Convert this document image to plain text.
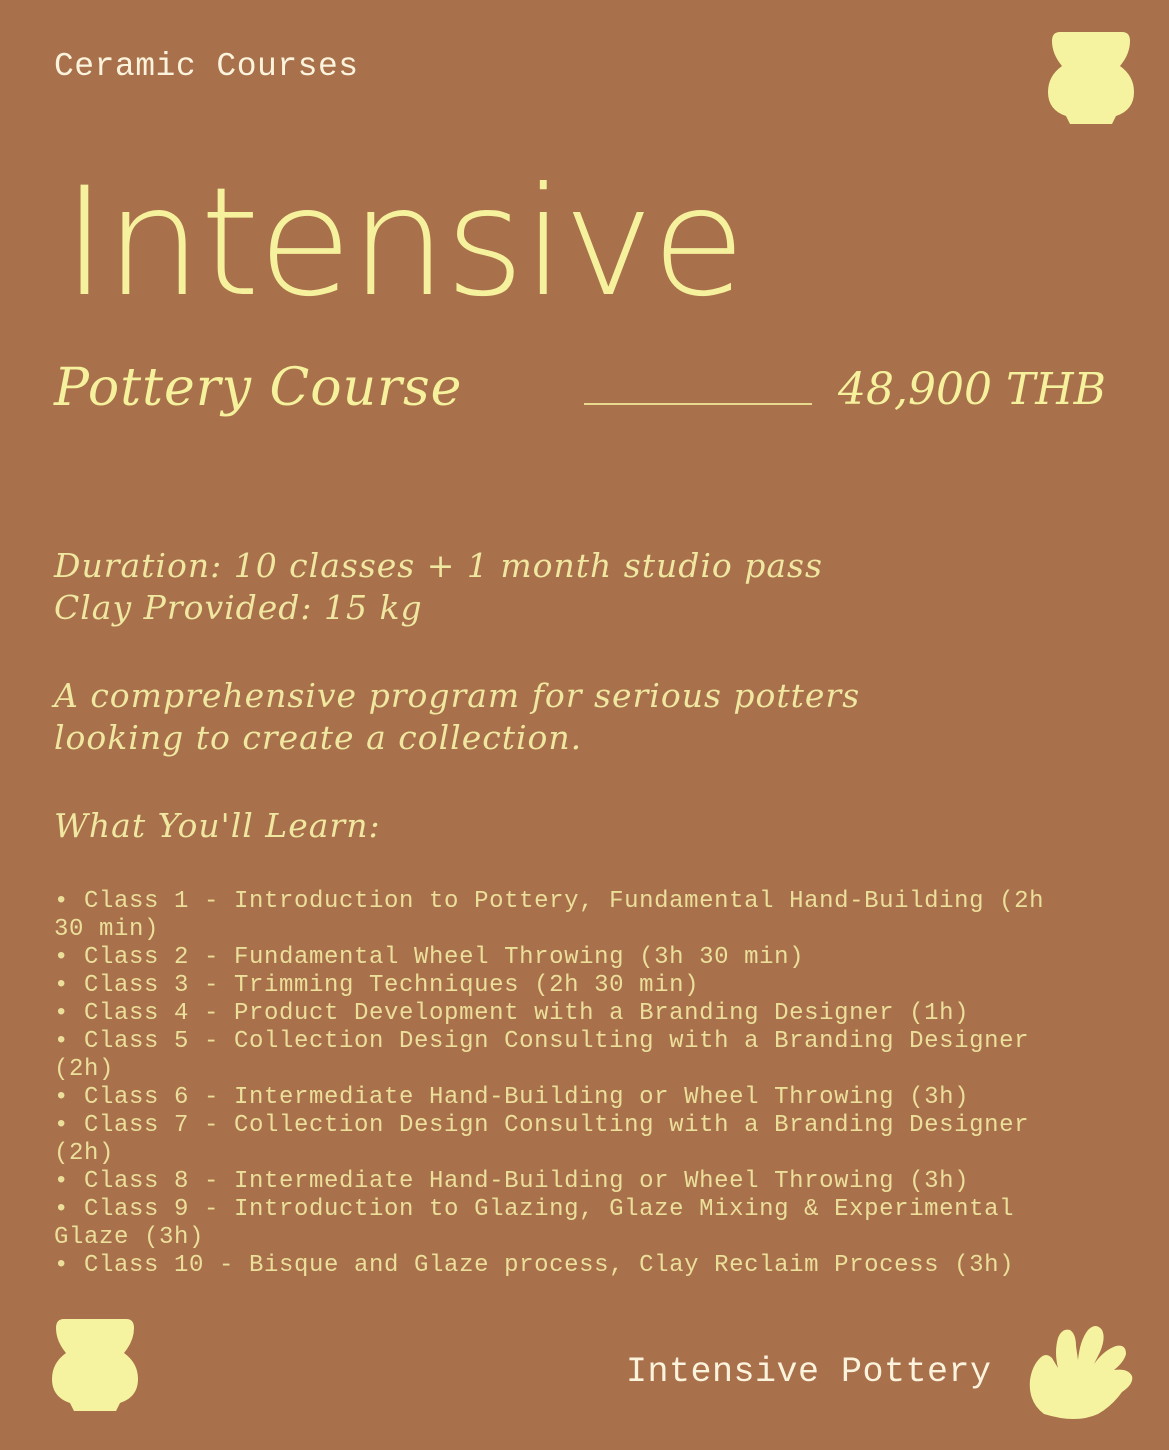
Ceramic Courses
Intensive
Pottery Course	48,900 THB
Duration: 10 classes + 1 month studio pass
Clay Provided: 15 kg
A comprehensive program for serious potters
looking to create a collection.
What You'll Learn:
• Class 1 - Introduction to Pottery, Fundamental Hand-Building (2h 30 min)
• Class 2 - Fundamental Wheel Throwing (3h 30 min)
• Class 3 - Trimming Techniques (2h 30 min)
• Class 4 - Product Development with a Branding Designer (1h)
• Class 5 - Collection Design Consulting with a Branding Designer (2h)
• Class 6 - Intermediate Hand-Building or Wheel Throwing (3h)
• Class 7 - Collection Design Consulting with a Branding Designer (2h)
• Class 8 - Intermediate Hand-Building or Wheel Throwing (3h)
• Class 9 - Introduction to Glazing, Glaze Mixing & Experimental Glaze (3h)
• Class 10 - Bisque and Glaze process, Clay Reclaim Process (3h)
Intensive Pottery
